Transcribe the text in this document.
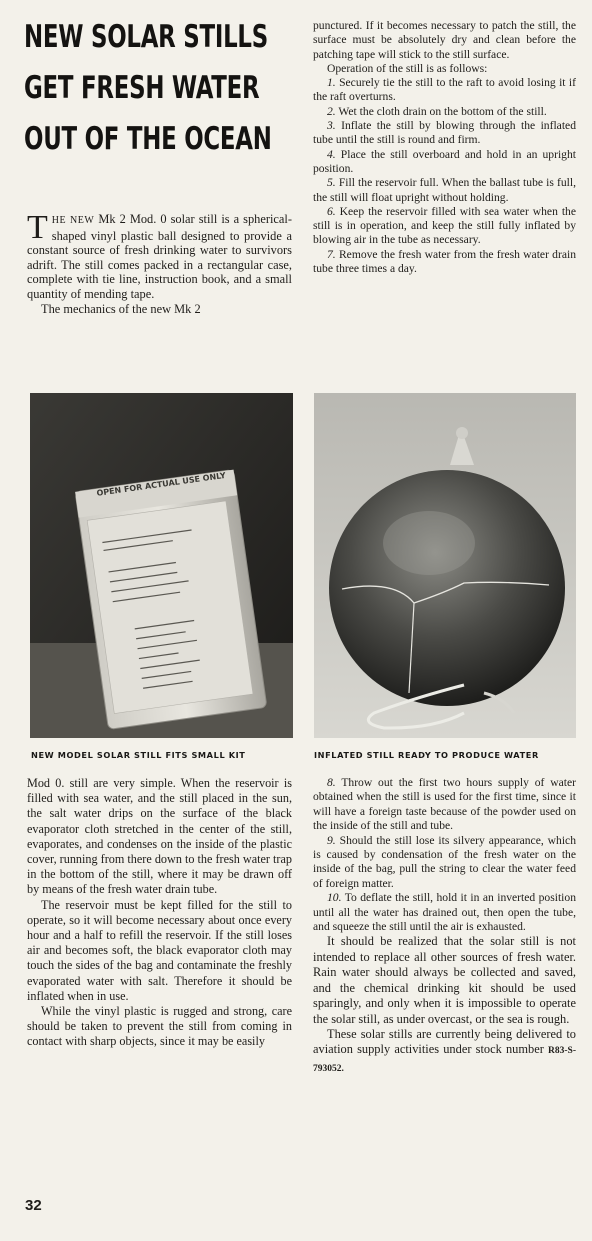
NEW SOLAR STILLS
GET FRESH WATER
OUT OF THE OCEAN

THE NEW Mk 2 Mod. 0 solar still is a spherical-shaped vinyl plastic ball designed to provide a constant source of fresh drinking water to survivors adrift. The still comes packed in a rectangular case, complete with tie line, instruction book, and a small quantity of mending tape.

The mechanics of the new Mk 2

punctured. If it becomes necessary to patch the still, the surface must be absolutely dry and clean before the patching tape will stick to the still surface.

Operation of the still is as follows:

1. Securely tie the still to the raft to avoid losing it if the raft overturns.

2. Wet the cloth drain on the bottom of the still.

3. Inflate the still by blowing through the inflated tube until the still is round and firm.

4. Place the still overboard and hold in an upright position.

5. Fill the reservoir full. When the ballast tube is full, the still will float upright without holding.

6. Keep the reservoir filled with sea water when the still is in operation, and keep the still fully inflated by blowing air in the tube as necessary.

7. Remove the fresh water from the fresh water drain tube three times a day.

OPEN FOR ACTUAL USE ONLY
NEW MODEL SOLAR STILL FITS SMALL KIT	INFLATED STILL READY TO PRODUCE WATER

Mod 0. still are very simple. When the reservoir is filled with sea water, and the still placed in the sun, the salt water drips on the surface of the black evaporator cloth stretched in the center of the still, evaporates, and condenses on the inside of the plastic cover, running from there down to the fresh water trap in the bottom of the still, where it may be drawn off by means of the fresh water drain tube.

The reservoir must be kept filled for the still to operate, so it will become necessary about once every hour and a half to refill the reservoir. If the still loses air and becomes soft, the black evaporator cloth may touch the sides of the bag and contaminate the freshly evaporated water with salt. Therefore it should be inflated when in use.

While the vinyl plastic is rugged and strong, care should be taken to prevent the still from coming in contact with sharp objects, since it may be easily

8. Throw out the first two hours supply of water obtained when the still is used for the first time, since it will have a foreign taste because of the powder used on the inside of the still and tube.

9. Should the still lose its silvery appearance, which is caused by condensation of the fresh water on the inside of the bag, pull the string to clear the water feed of foreign matter.

10. To deflate the still, hold it in an inverted position until all the water has drained out, then open the tube, and squeeze the still until the air is exhausted.

It should be realized that the solar still is not intended to replace all other sources of fresh water. Rain water should always be collected and saved, and the chemical drinking kit should be used sparingly, and only when it is impossible to operate the solar still, as under overcast, or the sea is rough.

These solar stills are currently being delivered to aviation supply activities under stock number R83-S-793052.

32
